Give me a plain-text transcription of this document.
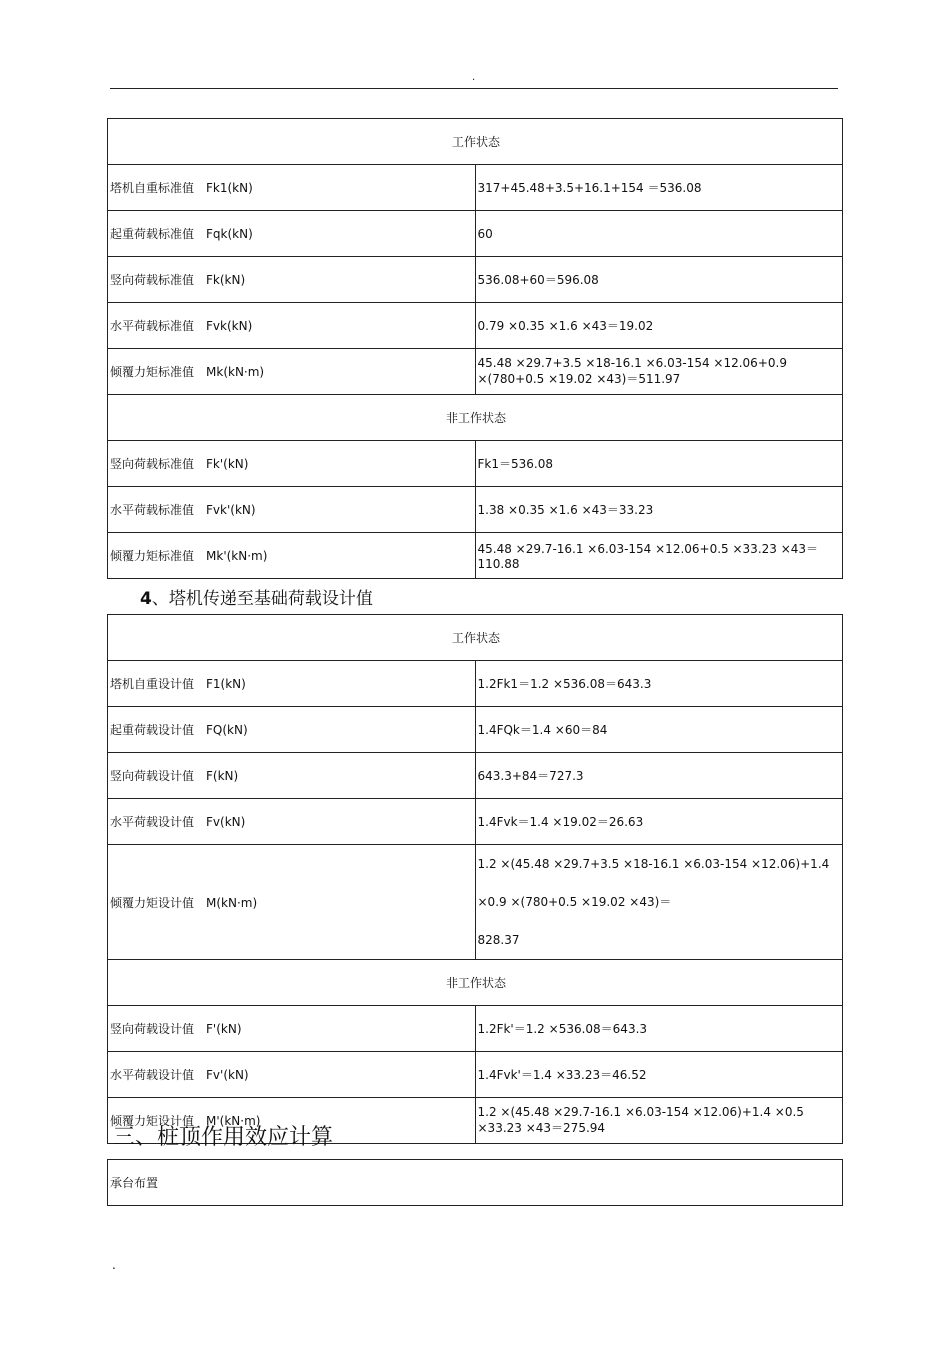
.
工作状态	
塔机自重标准值 Fk1(kN)	317+45.48+3.5+16.1+154 ＝536.08
起重荷载标准值 Fqk(kN)	60
竖向荷载标准值 Fk(kN)	536.08+60＝596.08
水平荷载标准值 Fvk(kN)	0.79 ×0.35 ×1.6 ×43＝19.02
倾覆力矩标准值 Mk(kN·m)	45.48 ×29.7+3.5 ×18-16.1 ×6.03-154 ×12.06+0.9 ×(780+0.5 ×19.02 ×43)＝511.97
非工作状态	
竖向荷载标准值 Fk'(kN)	Fk1＝536.08
水平荷载标准值 Fvk'(kN)	1.38 ×0.35 ×1.6 ×43＝33.23
倾覆力矩标准值 Mk'(kN·m)	45.48 ×29.7-16.1 ×6.03-154 ×12.06+0.5 ×33.23 ×43＝110.88
4、塔机传递至基础荷载设计值
工作状态	
塔机自重设计值 F1(kN)	1.2Fk1＝1.2 ×536.08＝643.3
起重荷载设计值 FQ(kN)	1.4FQk＝1.4 ×60＝84
竖向荷载设计值 F(kN)	643.3+84＝727.3
水平荷载设计值 Fv(kN)	1.4Fvk＝1.4 ×19.02＝26.63
倾覆力矩设计值 M(kN·m)	1.2 ×(45.48 ×29.7+3.5 ×18-16.1 ×6.03-154 ×12.06)+1.4 ×0.9 ×(780+0.5 ×19.02 ×43)＝
828.37

非工作状态	
竖向荷载设计值 F'(kN)	1.2Fk'＝1.2 ×536.08＝643.3
水平荷载设计值 Fv'(kN)	1.4Fvk'＝1.4 ×33.23＝46.52
倾覆力矩设计值 M'(kN·m)	1.2 ×(45.48 ×29.7-16.1 ×6.03-154 ×12.06)+1.4 ×0.5 ×33.23 ×43＝275.94
三、桩顶作用效应计算
承台布置
.
